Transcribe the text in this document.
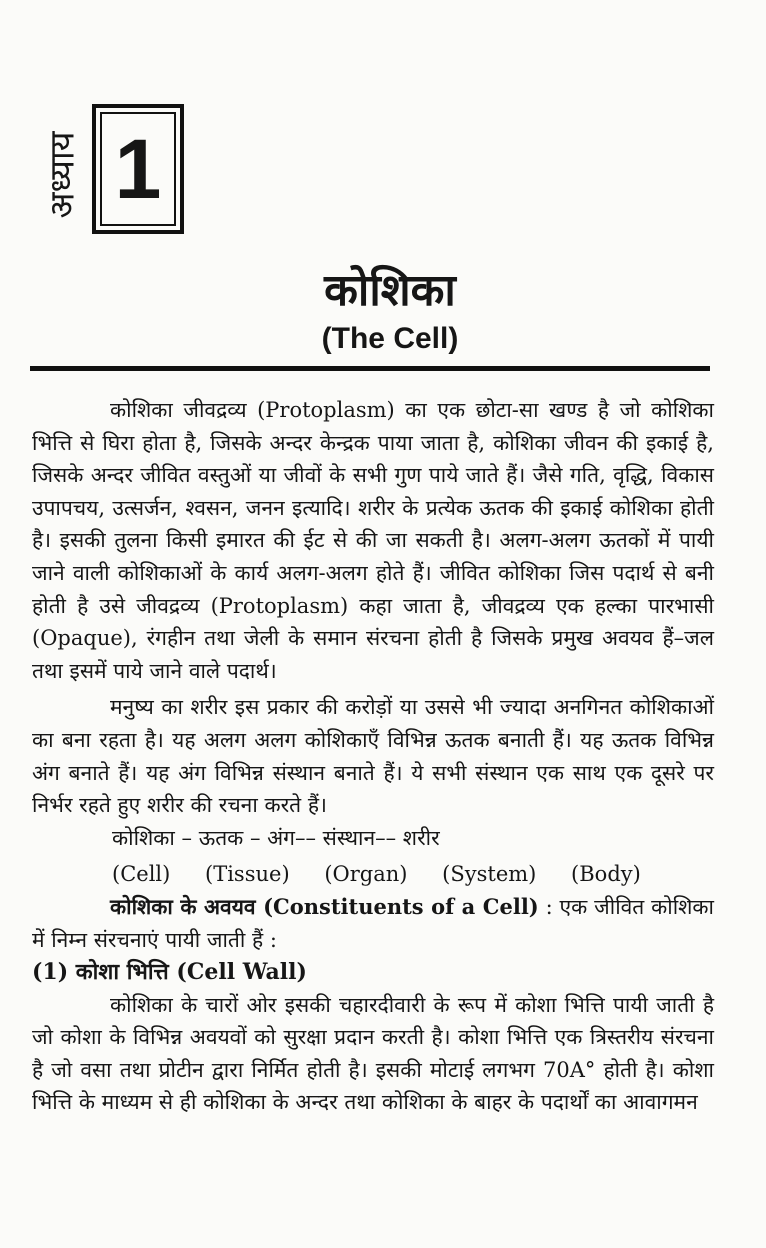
अध्याय 1
कोशिका
(The Cell)

कोशिका जीवद्रव्य (Protoplasm) का एक छोटा-सा खण्ड है जो कोशिका भित्ति से घिरा होता है, जिसके अन्दर केन्द्रक पाया जाता है, कोशिका जीवन की इकाई है, जिसके अन्दर जीवित वस्तुओं या जीवों के सभी गुण पाये जाते हैं। जैसे गति, वृद्धि, विकास उपापचय, उत्सर्जन, श्वसन, जनन इत्यादि। शरीर के प्रत्येक ऊतक की इकाई कोशिका होती है। इसकी तुलना किसी इमारत की ईट से की जा सकती है। अलग-अलग ऊतकों में पायी जाने वाली कोशिकाओं के कार्य अलग-अलग होते हैं। जीवित कोशिका जिस पदार्थ से बनी होती है उसे जीवद्रव्य (Protoplasm) कहा जाता है, जीवद्रव्य एक हल्का पारभासी (Opaque), रंगहीन तथा जेली के समान संरचना होती है जिसके प्रमुख अवयव हैं–जल तथा इसमें पाये जाने वाले पदार्थ।

मनुष्य का शरीर इस प्रकार की करोड़ों या उससे भी ज्यादा अनगिनत कोशिकाओं का बना रहता है। यह अलग अलग कोशिकाएँ विभिन्न ऊतक बनाती हैं। यह ऊतक विभिन्न अंग बनाते हैं। यह अंग विभिन्न संस्थान बनाते हैं। ये सभी संस्थान एक साथ एक दूसरे पर निर्भर रहते हुए शरीर की रचना करते हैं।

कोशिका – ऊतक – अंग–– संस्थान–– शरीर

(Cell) (Tissue) (Organ) (System) (Body)

कोशिका के अवयव (Constituents of a Cell) : एक जीवित कोशिका में निम्न संरचनाएं पायी जाती हैं :

(1) कोशा भित्ति (Cell Wall)

कोशिका के चारों ओर इसकी चहारदीवारी के रूप में कोशा भित्ति पायी जाती है जो कोशा के विभिन्न अवयवों को सुरक्षा प्रदान करती है। कोशा भित्ति एक त्रिस्तरीय संरचना है जो वसा तथा प्रोटीन द्वारा निर्मित होती है। इसकी मोटाई लगभग 70A° होती है। कोशा भित्ति के माध्यम से ही कोशिका के अन्दर तथा कोशिका के बाहर के पदार्थों का आवागमन
